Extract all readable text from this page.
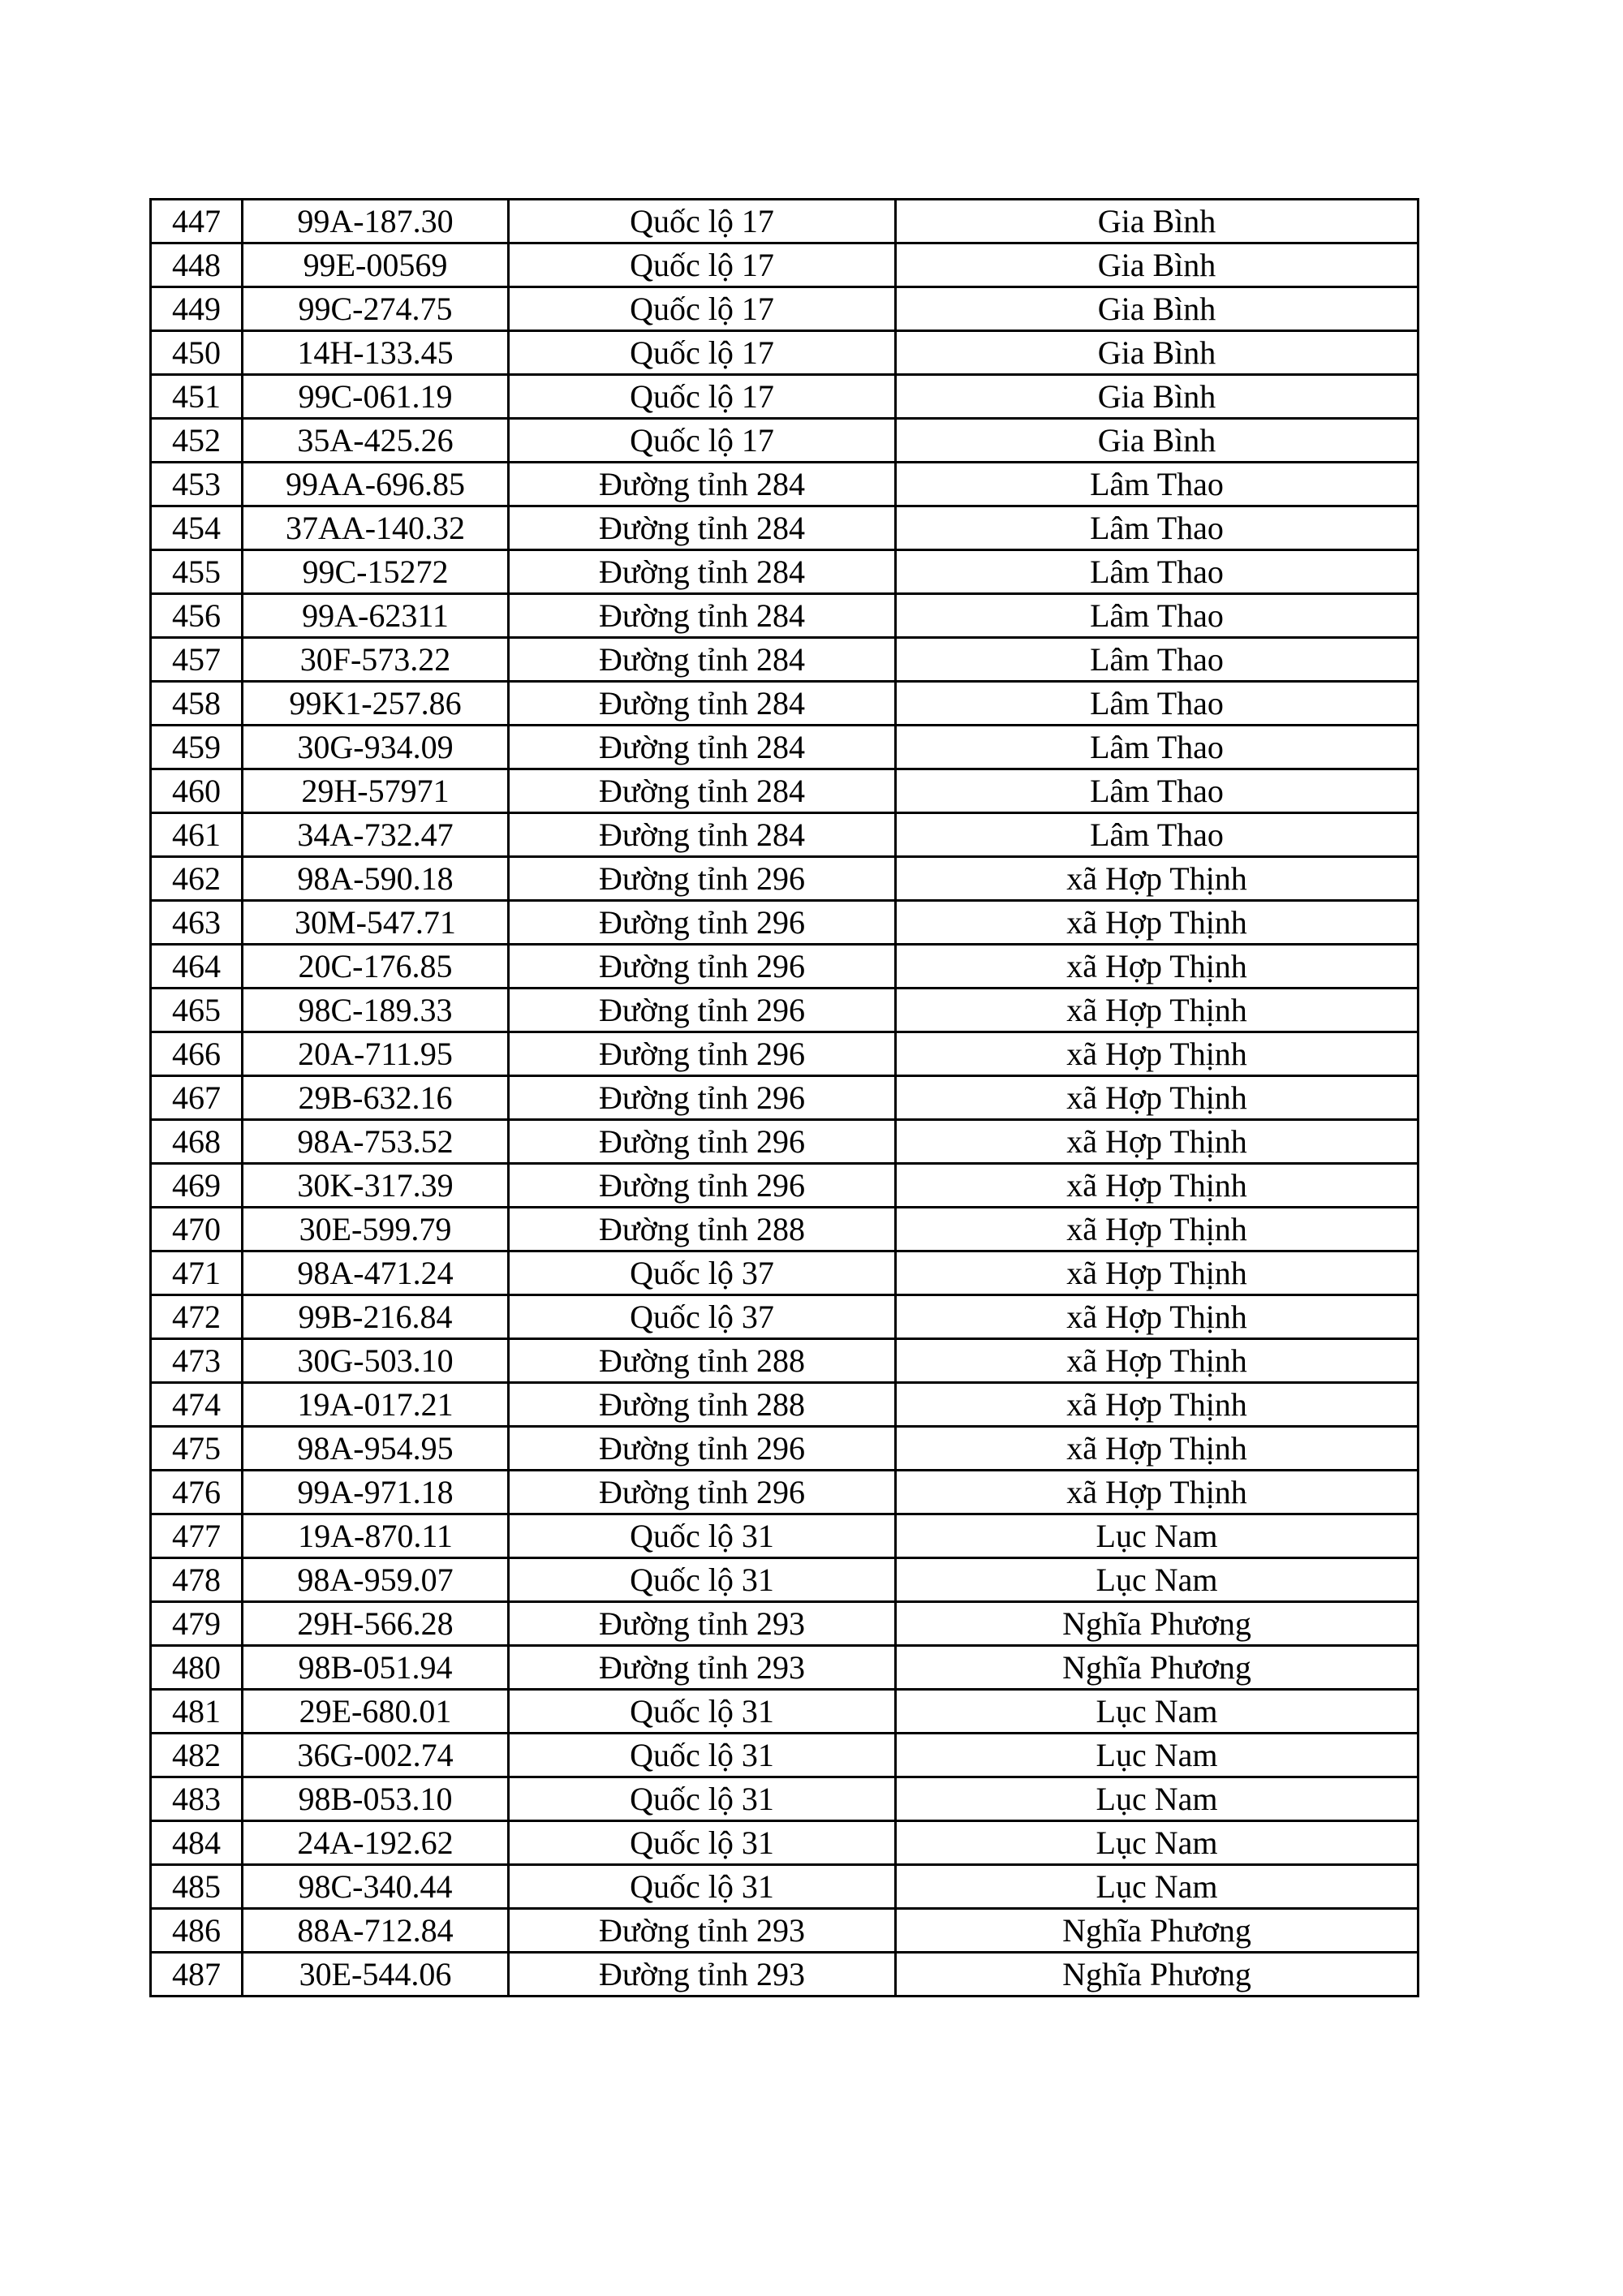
447	99A-187.30	Quốc lộ 17	Gia Bình
448	99E-00569	Quốc lộ 17	Gia Bình
449	99C-274.75	Quốc lộ 17	Gia Bình
450	14H-133.45	Quốc lộ 17	Gia Bình
451	99C-061.19	Quốc lộ 17	Gia Bình
452	35A-425.26	Quốc lộ 17	Gia Bình
453	99AA-696.85	Đường tỉnh 284	Lâm Thao
454	37AA-140.32	Đường tỉnh 284	Lâm Thao
455	99C-15272	Đường tỉnh 284	Lâm Thao
456	99A-62311	Đường tỉnh 284	Lâm Thao
457	30F-573.22	Đường tỉnh 284	Lâm Thao
458	99K1-257.86	Đường tỉnh 284	Lâm Thao
459	30G-934.09	Đường tỉnh 284	Lâm Thao
460	29H-57971	Đường tỉnh 284	Lâm Thao
461	34A-732.47	Đường tỉnh 284	Lâm Thao
462	98A-590.18	Đường tỉnh 296	xã Hợp Thịnh
463	30M-547.71	Đường tỉnh 296	xã Hợp Thịnh
464	20C-176.85	Đường tỉnh 296	xã Hợp Thịnh
465	98C-189.33	Đường tỉnh 296	xã Hợp Thịnh
466	20A-711.95	Đường tỉnh 296	xã Hợp Thịnh
467	29B-632.16	Đường tỉnh 296	xã Hợp Thịnh
468	98A-753.52	Đường tỉnh 296	xã Hợp Thịnh
469	30K-317.39	Đường tỉnh 296	xã Hợp Thịnh
470	30E-599.79	Đường tỉnh 288	xã Hợp Thịnh
471	98A-471.24	Quốc lộ 37	xã Hợp Thịnh
472	99B-216.84	Quốc lộ 37	xã Hợp Thịnh
473	30G-503.10	Đường tỉnh 288	xã Hợp Thịnh
474	19A-017.21	Đường tỉnh 288	xã Hợp Thịnh
475	98A-954.95	Đường tỉnh 296	xã Hợp Thịnh
476	99A-971.18	Đường tỉnh 296	xã Hợp Thịnh
477	19A-870.11	Quốc lộ 31	Lục Nam
478	98A-959.07	Quốc lộ 31	Lục Nam
479	29H-566.28	Đường tỉnh 293	Nghĩa Phương
480	98B-051.94	Đường tỉnh 293	Nghĩa Phương
481	29E-680.01	Quốc lộ 31	Lục Nam
482	36G-002.74	Quốc lộ 31	Lục Nam
483	98B-053.10	Quốc lộ 31	Lục Nam
484	24A-192.62	Quốc lộ 31	Lục Nam
485	98C-340.44	Quốc lộ 31	Lục Nam
486	88A-712.84	Đường tỉnh 293	Nghĩa Phương
487	30E-544.06	Đường tỉnh 293	Nghĩa Phương
